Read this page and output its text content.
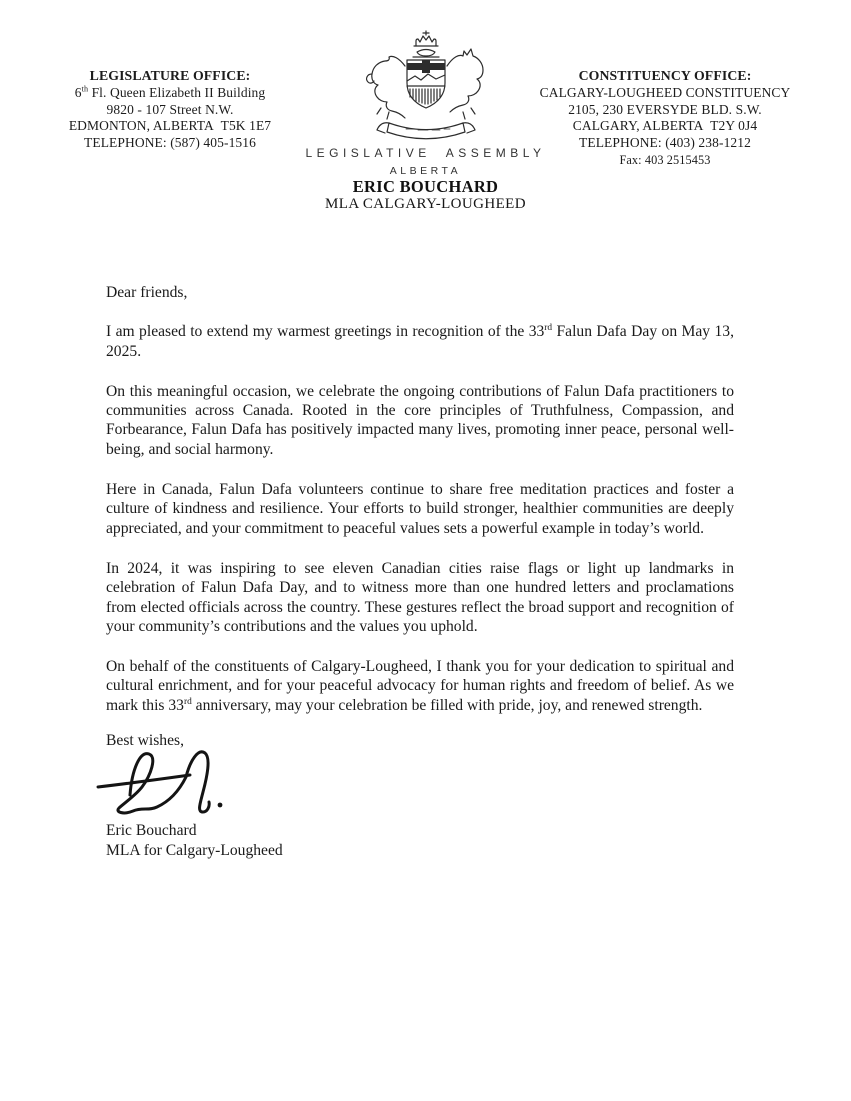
LEGISLATURE OFFICE:
6th Fl. Queen Elizabeth II Building
9820 - 107 Street N.W.
EDMONTON, ALBERTA  T5K 1E7
TELEPHONE: (587) 405-1516
CONSTITUENCY OFFICE:
CALGARY-LOUGHEED CONSTITUENCY
2105, 230 EVERSYDE BLD. S.W.
CALGARY, ALBERTA  T2Y 0J4
TELEPHONE: (403) 238-1212
Fax: 403 2515453
LEGISLATIVE  ASSEMBLY
ALBERTA
ERIC BOUCHARD
MLA CALGARY-LOUGHEED

Dear friends,

I am pleased to extend my warmest greetings in recognition of the 33rd Falun Dafa Day on May 13, 2025.

On this meaningful occasion, we celebrate the ongoing contributions of Falun Dafa practitioners to communities across Canada. Rooted in the core principles of Truthfulness, Compassion, and Forbearance, Falun Dafa has positively impacted many lives, promoting inner peace, personal well-being, and social harmony.

Here in Canada, Falun Dafa volunteers continue to share free meditation practices and foster a culture of kindness and resilience. Your efforts to build stronger, healthier communities are deeply appreciated, and your commitment to peaceful values sets a powerful example in today’s world.

In 2024, it was inspiring to see eleven Canadian cities raise flags or light up landmarks in celebration of Falun Dafa Day, and to witness more than one hundred letters and proclamations from elected officials across the country. These gestures reflect the broad support and recognition of your community’s contributions and the values you uphold.

On behalf of the constituents of Calgary-Lougheed, I thank you for your dedication to spiritual and cultural enrichment, and for your peaceful advocacy for human rights and freedom of belief. As we mark this 33rd anniversary, may your celebration be filled with pride, joy, and renewed strength.

Best wishes,

Eric Bouchard
MLA for Calgary-Lougheed
